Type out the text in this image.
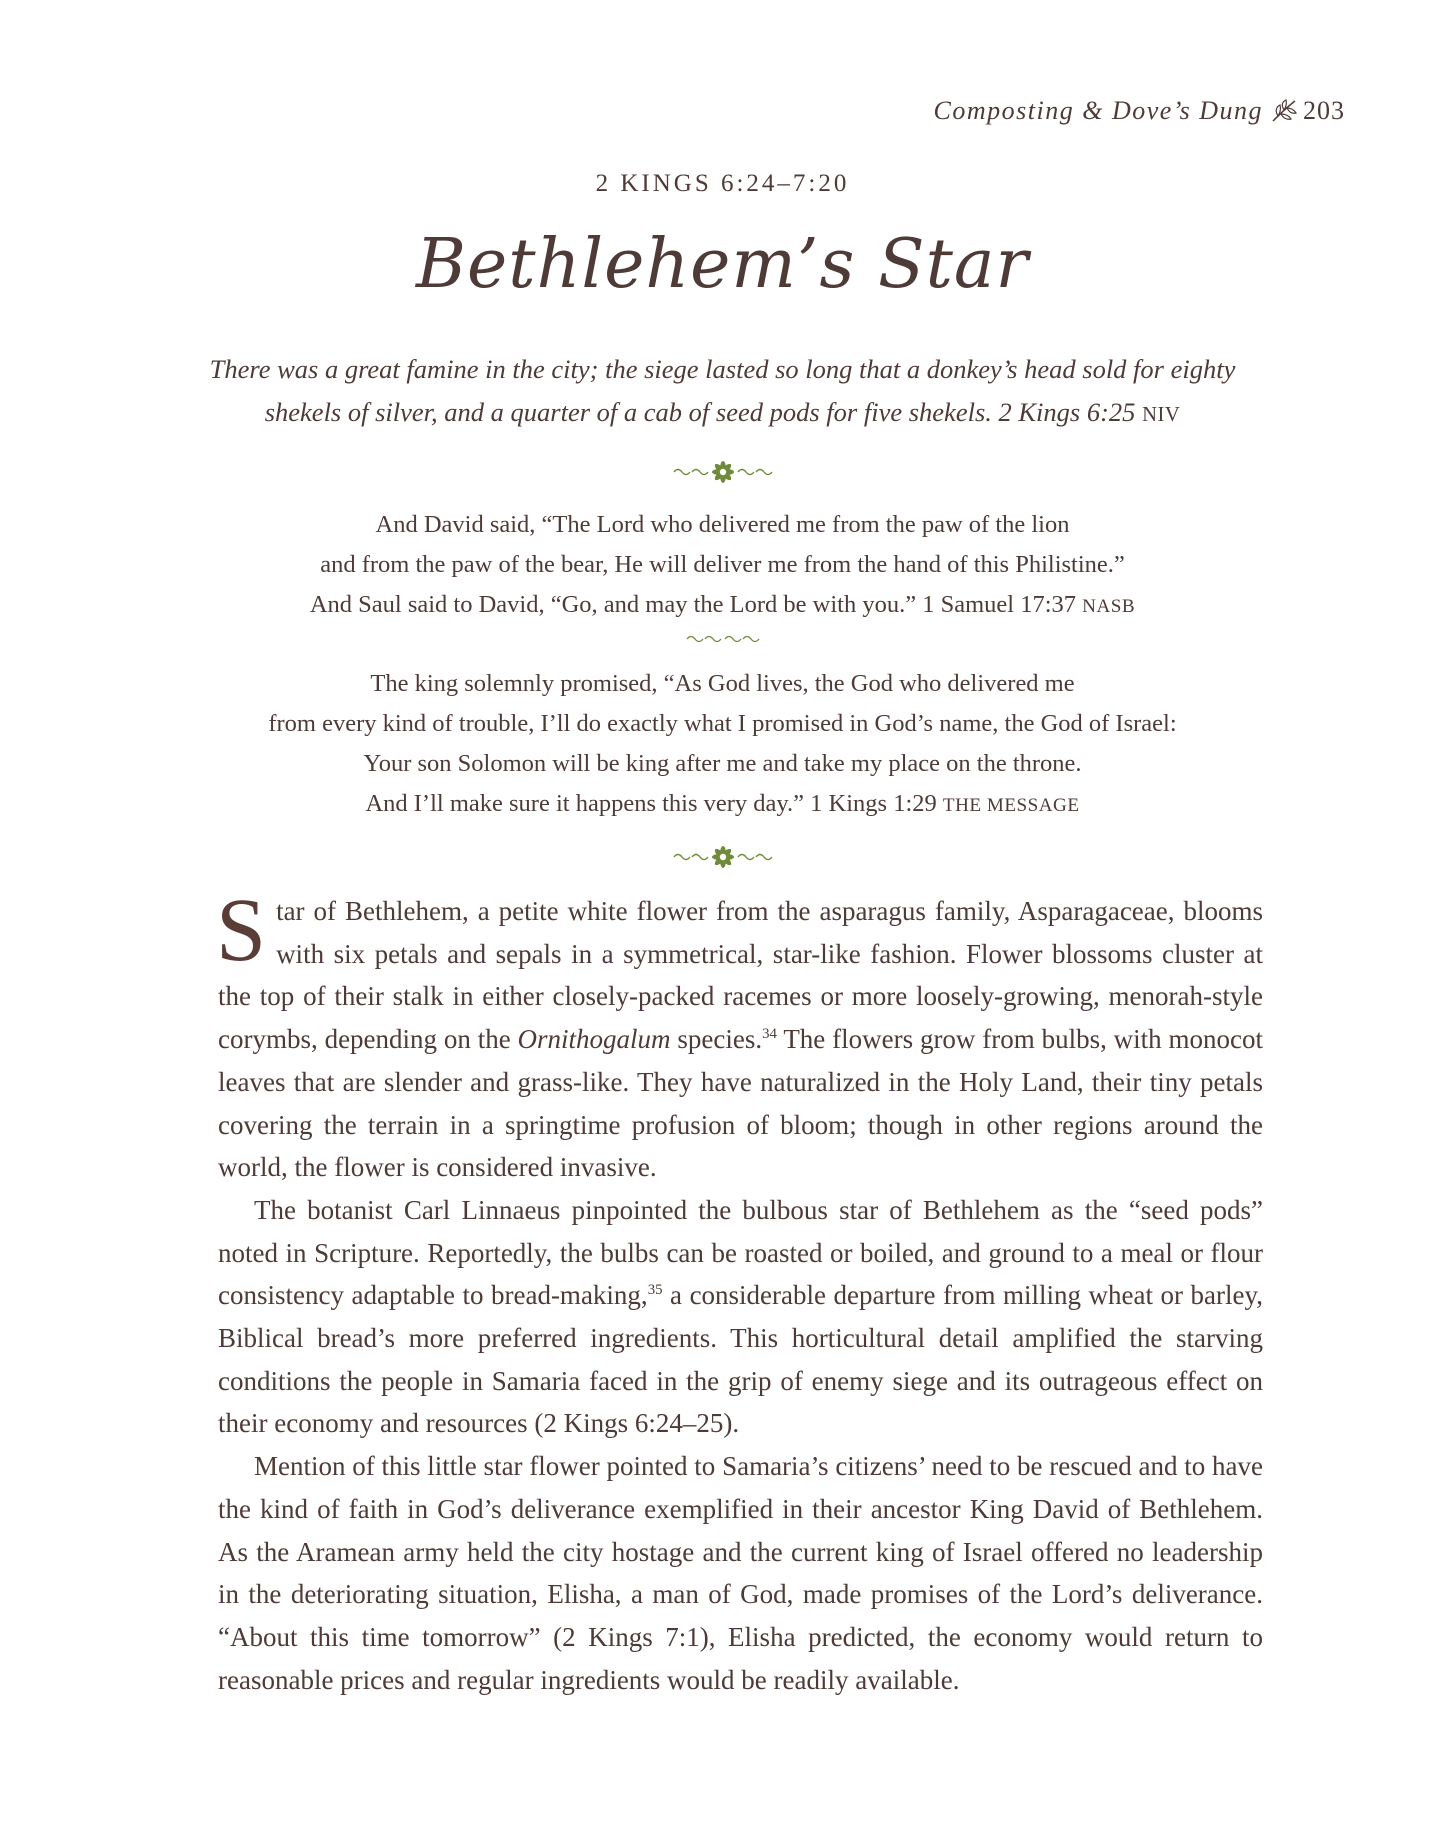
Composting & Dove’s Dung 203
2 KINGS 6:24–7:20
Bethlehem’s Star
There was a great famine in the city; the siege lasted so long that a donkey’s head sold for eighty shekels of silver, and a quarter of a cab of seed pods for five shekels. 2 Kings 6:25 NIV
And David said, “The Lord who delivered me from the paw of the lion
and from the paw of the bear, He will deliver me from the hand of this Philistine.”
And Saul said to David, “Go, and may the Lord be with you.” 1 Samuel 17:37 NASB
The king solemnly promised, “As God lives, the God who delivered me
from every kind of trouble, I’ll do exactly what I promised in God’s name, the God of Israel:
Your son Solomon will be king after me and take my place on the throne.
And I’ll make sure it happens this very day.” 1 Kings 1:29 THE MESSAGE

Star of Bethlehem, a petite white flower from the asparagus family, Asparagaceae, blooms with six petals and sepals in a symmetrical, star-like fashion. Flower blossoms cluster at the top of their stalk in either closely-packed racemes or more loosely-growing, menorah-style corymbs, depending on the Ornithogalum species.$^{34}$ The flowers grow from bulbs, with monocot leaves that are slender and grass-like. They have naturalized in the Holy Land, their tiny petals covering the terrain in a springtime profusion of bloom; though in other regions around the world, the flower is considered invasive.

The botanist Carl Linnaeus pinpointed the bulbous star of Bethlehem as the “seed pods” noted in Scripture. Reportedly, the bulbs can be roasted or boiled, and ground to a meal or flour consistency adaptable to bread-making,$^{35}$ a considerable departure from milling wheat or barley, Biblical bread’s more preferred ingredients. This horticultural detail amplified the starving conditions the people in Samaria faced in the grip of enemy siege and its outrageous effect on their economy and resources (2 Kings 6:24–25).

Mention of this little star flower pointed to Samaria’s citizens’ need to be rescued and to have the kind of faith in God’s deliverance exemplified in their ancestor King David of Bethlehem. As the Aramean army held the city hostage and the current king of Israel offered no leadership in the deteriorating situation, Elisha, a man of God, made promises of the Lord’s deliverance. “About this time tomorrow” (2 Kings 7:1), Elisha predicted, the economy would return to reasonable prices and regular ingredients would be readily available.
